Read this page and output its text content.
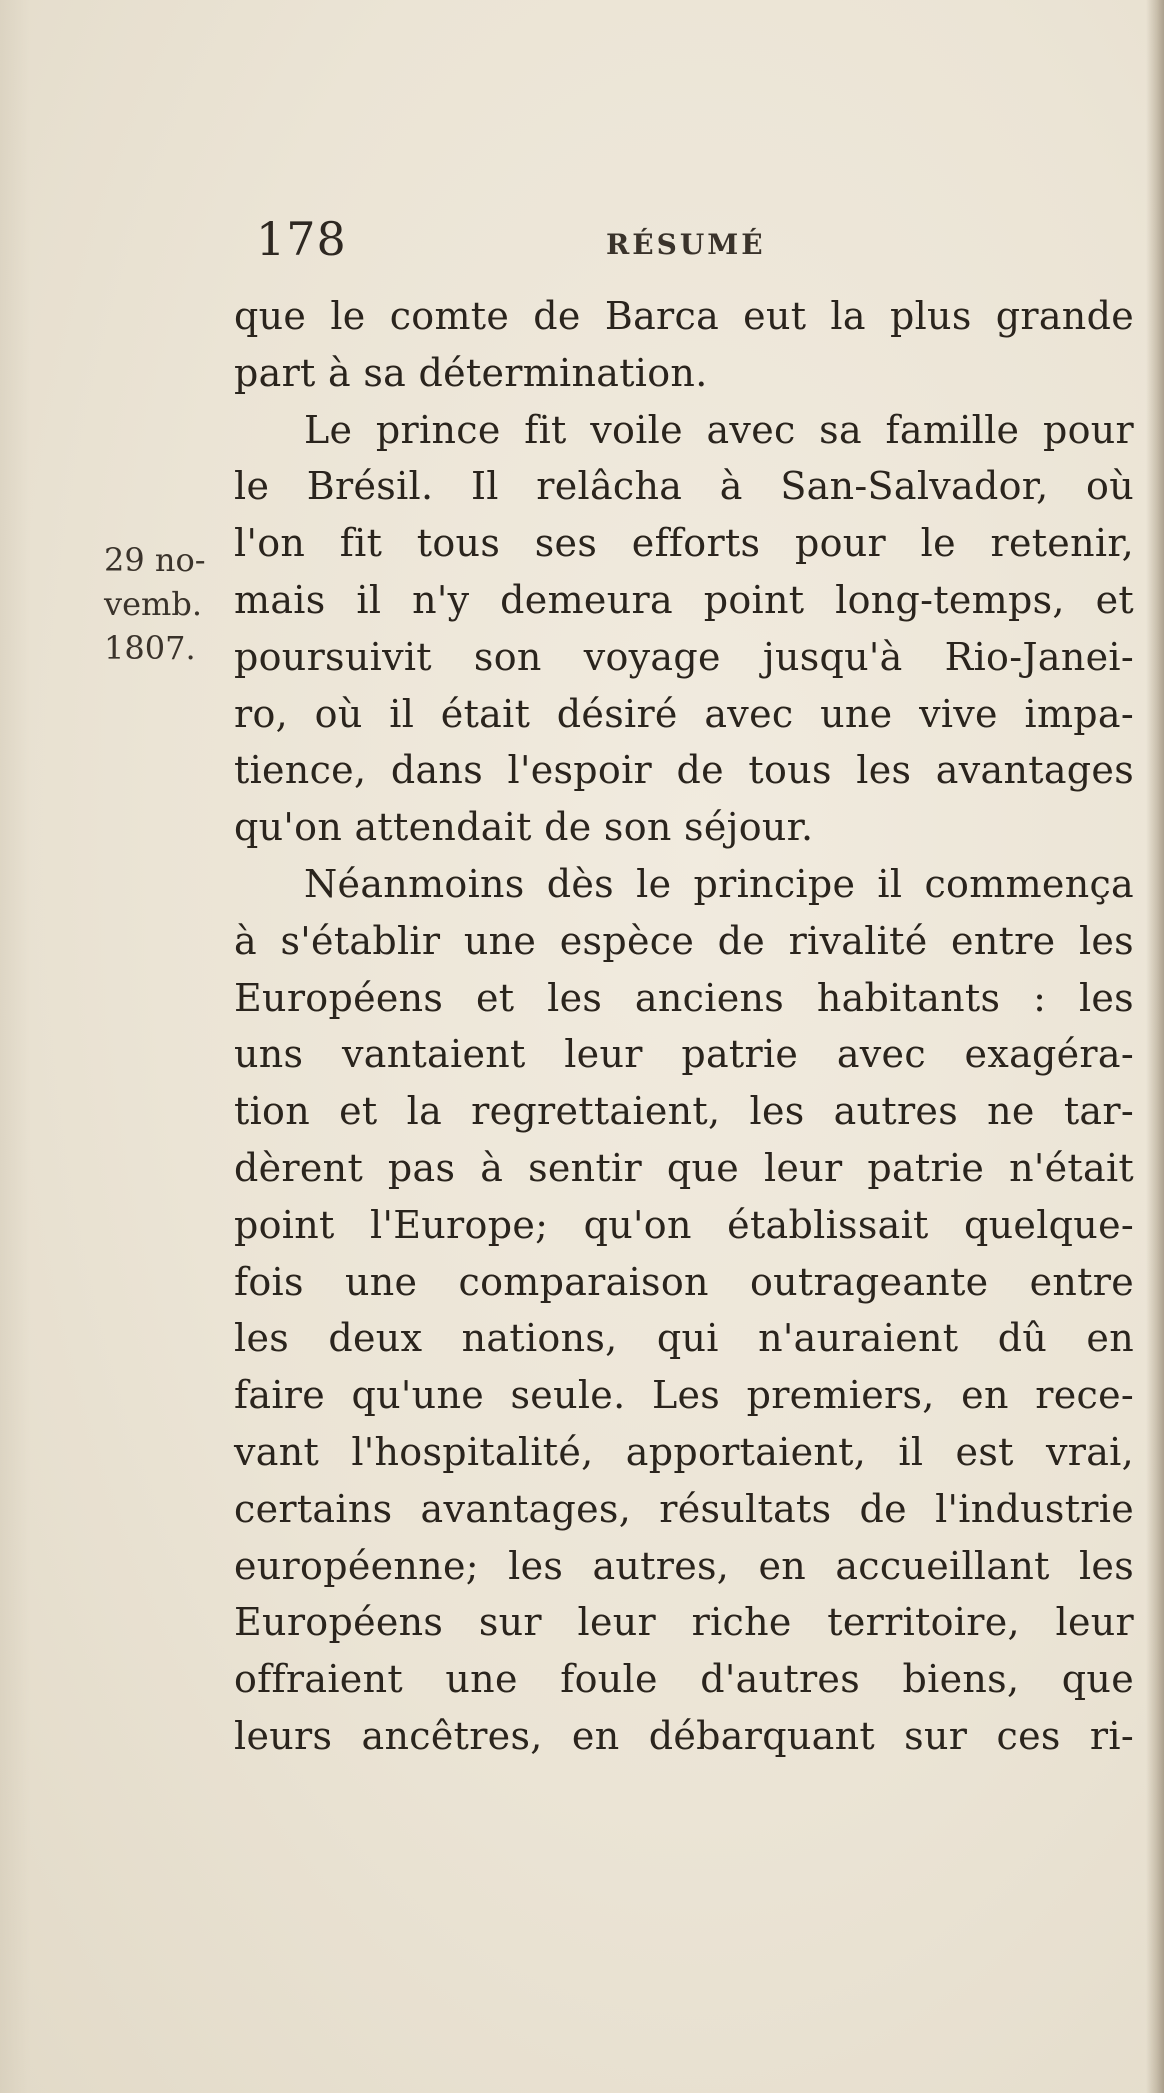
178	RÉSUMÉ
29 no-
vemb.
1807.
que le comte de Barca eut la plus grande
part à sa détermination.
Le prince fit voile avec sa famille pour
le Brésil. Il relâcha à San-Salvador, où
l'on fit tous ses efforts pour le retenir,
mais il n'y demeura point long-temps, et
poursuivit son voyage jusqu'à Rio-Janei-
ro, où il était désiré avec une vive impa-
tience, dans l'espoir de tous les avantages
qu'on attendait de son séjour.
Néanmoins dès le principe il commença
à s'établir une espèce de rivalité entre les
Européens et les anciens habitants : les
uns vantaient leur patrie avec exagéra-
tion et la regrettaient, les autres ne tar-
dèrent pas à sentir que leur patrie n'était
point l'Europe; qu'on établissait quelque-
fois une comparaison outrageante entre
les deux nations, qui n'auraient dû en
faire qu'une seule. Les premiers, en rece-
vant l'hospitalité, apportaient, il est vrai,
certains avantages, résultats de l'industrie
européenne; les autres, en accueillant les
Européens sur leur riche territoire, leur
offraient une foule d'autres biens, que
leurs ancêtres, en débarquant sur ces ri-
